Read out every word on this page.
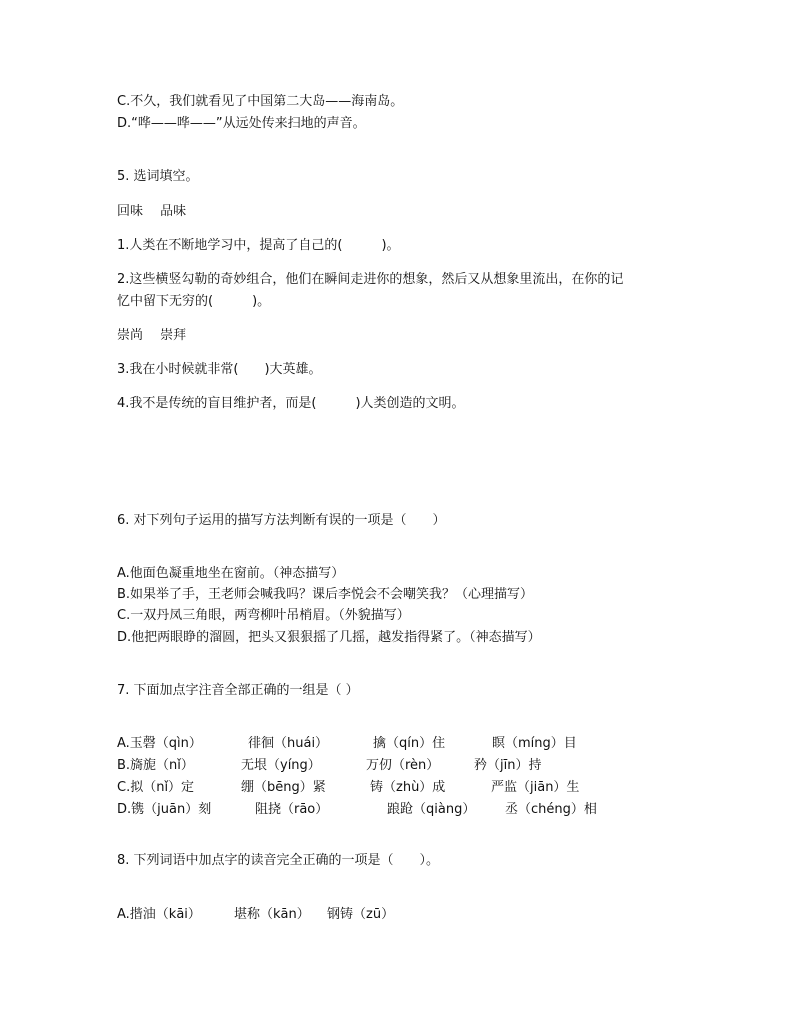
C.不久，我们就看见了中国第二大岛——海南岛。
D.“哗——哗——”从远处传来扫地的声音。
5. 选词填空。
回味　 品味
1.人类在不断地学习中，提高了自己的(　　　)。
2.这些横竖勾勒的奇妙组合，他们在瞬间走进你的想象，然后又从想象里流出，在你的记
忆中留下无穷的(　　　)。
崇尚　 崇拜
3.我在小时候就非常(　　)大英雄。
4.我不是传统的盲目维护者，而是(　　　)人类创造的文明。
6. 对下列句子运用的描写方法判断有误的一项是（　　）
A.他面色凝重地坐在窗前。（神态描写）
B.如果举了手，王老师会喊我吗？课后李悦会不会嘲笑我？（心理描写）
C.一双丹凤三角眼，两弯柳叶吊梢眉。（外貌描写）
D.他把两眼睁的溜圆，把头又狠狠摇了几摇，越发指得紧了。（神态描写）
7. 下面加点字注音全部正确的一组是（ ）
A.玉磬（qìn）	徘徊（huái）	擒（qín）住	瞑（míng）目
B.旖旎（nǐ）	无垠（yíng）	万仞（rèn）	矜（jīn）持
C.拟（nǐ）定	绷（bēng）紧	铸（zhù）成	严监（jiān）生
D.镌（juān）刻	阻挠（rāo）	踉跄（qiàng） 丞（chéng）相
8. 下列词语中加点字的读音完全正确的一项是（　　）。
A.揩油（kāi）	堪称（kān） 钢铸（zū）
